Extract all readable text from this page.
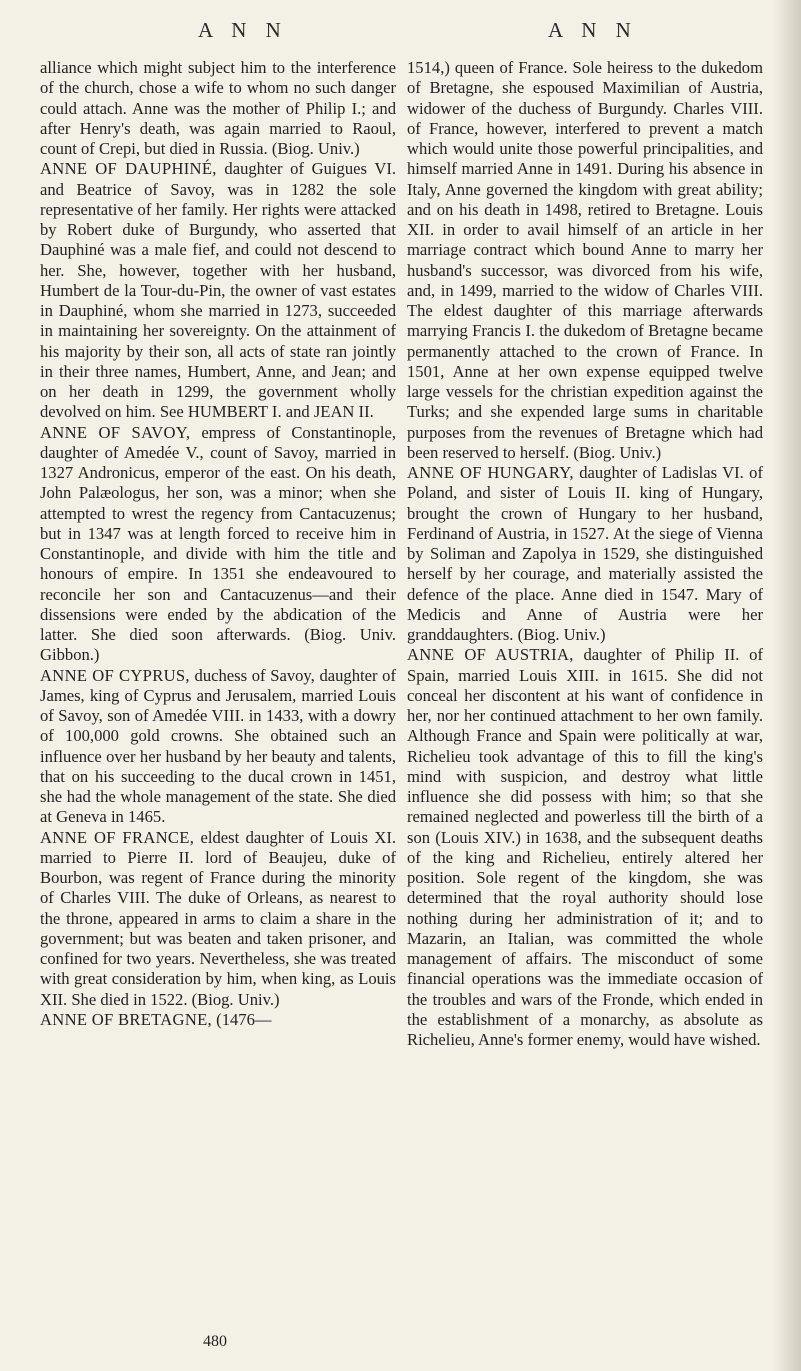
A N N	A N N

alliance which might subject him to the interference of the church, chose a wife to whom no such danger could attach. Anne was the mother of Philip I.; and after Henry's death, was again married to Raoul, count of Crepi, but died in Russia. (Biog. Univ.)

ANNE OF DAUPHINÉ, daughter of Guigues VI. and Beatrice of Savoy, was in 1282 the sole representative of her family. Her rights were attacked by Robert duke of Burgundy, who asserted that Dauphiné was a male fief, and could not descend to her. She, however, together with her husband, Humbert de la Tour-du-Pin, the owner of vast estates in Dauphiné, whom she married in 1273, succeeded in maintaining her sovereignty. On the attainment of his majority by their son, all acts of state ran jointly in their three names, Humbert, Anne, and Jean; and on her death in 1299, the government wholly devolved on him. See HUMBERT I. and JEAN II.

ANNE OF SAVOY, empress of Constantinople, daughter of Amedée V., count of Savoy, married in 1327 Andronicus, emperor of the east. On his death, John Palæologus, her son, was a minor; when she attempted to wrest the regency from Cantacuzenus; but in 1347 was at length forced to receive him in Constantinople, and divide with him the title and honours of empire. In 1351 she endeavoured to reconcile her son and Cantacuzenus—and their dissensions were ended by the abdication of the latter. She died soon afterwards. (Biog. Univ. Gibbon.)

ANNE OF CYPRUS, duchess of Savoy, daughter of James, king of Cyprus and Jerusalem, married Louis of Savoy, son of Amedée VIII. in 1433, with a dowry of 100,000 gold crowns. She obtained such an influence over her husband by her beauty and talents, that on his succeeding to the ducal crown in 1451, she had the whole management of the state. She died at Geneva in 1465.

ANNE OF FRANCE, eldest daughter of Louis XI. married to Pierre II. lord of Beaujeu, duke of Bourbon, was regent of France during the minority of Charles VIII. The duke of Orleans, as nearest to the throne, appeared in arms to claim a share in the government; but was beaten and taken prisoner, and confined for two years. Nevertheless, she was treated with great consideration by him, when king, as Louis XII. She died in 1522. (Biog. Univ.)

ANNE OF BRETAGNE, (1476—

1514,) queen of France. Sole heiress to the dukedom of Bretagne, she espoused Maximilian of Austria, widower of the duchess of Burgundy. Charles VIII. of France, however, interfered to prevent a match which would unite those powerful principalities, and himself married Anne in 1491. During his absence in Italy, Anne governed the kingdom with great ability; and on his death in 1498, retired to Bretagne. Louis XII. in order to avail himself of an article in her marriage contract which bound Anne to marry her husband's successor, was divorced from his wife, and, in 1499, married to the widow of Charles VIII. The eldest daughter of this marriage afterwards marrying Francis I. the dukedom of Bretagne became permanently attached to the crown of France. In 1501, Anne at her own expense equipped twelve large vessels for the christian expedition against the Turks; and she expended large sums in charitable purposes from the revenues of Bretagne which had been reserved to herself. (Biog. Univ.)

ANNE OF HUNGARY, daughter of Ladislas VI. of Poland, and sister of Louis II. king of Hungary, brought the crown of Hungary to her husband, Ferdinand of Austria, in 1527. At the siege of Vienna by Soliman and Zapolya in 1529, she distinguished herself by her courage, and materially assisted the defence of the place. Anne died in 1547. Mary of Medicis and Anne of Austria were her granddaughters. (Biog. Univ.)

ANNE OF AUSTRIA, daughter of Philip II. of Spain, married Louis XIII. in 1615. She did not conceal her discontent at his want of confidence in her, nor her continued attachment to her own family. Although France and Spain were politically at war, Richelieu took advantage of this to fill the king's mind with suspicion, and destroy what little influence she did possess with him; so that she remained neglected and powerless till the birth of a son (Louis XIV.) in 1638, and the subsequent deaths of the king and Richelieu, entirely altered her position. Sole regent of the kingdom, she was determined that the royal authority should lose nothing during her administration of it; and to Mazarin, an Italian, was committed the whole management of affairs. The misconduct of some financial operations was the immediate occasion of the troubles and wars of the Fronde, which ended in the establishment of a monarchy, as absolute as Richelieu, Anne's former enemy, would have wished.

480
